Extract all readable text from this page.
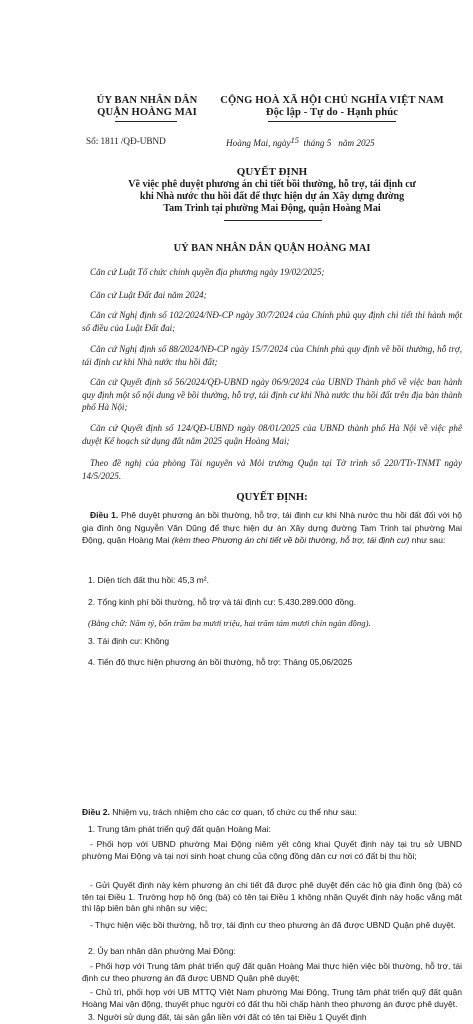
ỦY BAN NHÂN DÂN
QUẬN HOÀNG MAI
CỘNG HOÀ XÃ HỘI CHỦ NGHĨA VIỆT NAM
Độc lập - Tự do - Hạnh phúc
Số: 1811 /QĐ-UBND	Hoàng Mai, ngày15 tháng 5 năm 2025
QUYẾT ĐỊNH
Về việc phê duyệt phương án chi tiết bồi thường, hỗ trợ, tái định cư
khi Nhà nước thu hồi đất để thực hiện dự án Xây dựng đường
Tam Trinh tại phường Mai Động, quận Hoàng Mai
UỶ BAN NHÂN DÂN QUẬN HOÀNG MAI
Căn cứ Luật Tổ chức chính quyền địa phương ngày 19/02/2025;
Căn cứ Luật Đất đai năm 2024;
Căn cứ Nghị định số 102/2024/NĐ-CP ngày 30/7/2024 của Chính phủ quy định chi tiết thi hành một số điều của Luật Đất đai;
Căn cứ Nghị định số 88/2024/NĐ-CP ngày 15/7/2024 của Chính phủ quy định về bồi thường, hỗ trợ, tái định cư khi Nhà nước thu hồi đất;
Căn cứ Quyết định số 56/2024/QĐ-UBND ngày 06/9/2024 của UBND Thành phố về việc ban hành quy định một số nội dung về bồi thường, hỗ trợ, tái định cư khi Nhà nước thu hồi đất trên địa bàn thành phố Hà Nội;
Căn cứ Quyết định số 124/QĐ-UBND ngày 08/01/2025 của UBND thành phố Hà Nội về việc phê duyệt Kế hoạch sử dụng đất năm 2025 quận Hoàng Mai;
Theo đề nghị của phòng Tài nguyên và Môi trường Quận tại Tờ trình số 220/TTr-TNMT ngày 14/5/2025.
QUYẾT ĐỊNH:
Điều 1. Phê duyệt phương án bồi thường, hỗ trợ, tái định cư khi Nhà nước thu hồi đất đối với hộ gia đình ông Nguyễn Văn Dũng để thực hiện dự án Xây dựng đường Tam Trinh tại phường Mai Động, quận Hoàng Mai (kèm theo Phương án chi tiết về bồi thường, hỗ trợ, tái định cư) như sau:
1. Diện tích đất thu hồi: 45,3 m².
2. Tổng kinh phí bồi thường, hỗ trợ và tái định cư: 5.430.289.000 đồng.
(Bằng chữ: Năm tỷ, bốn trăm ba mươi triệu, hai trăm tám mươi chín ngàn đồng).
3. Tái định cư: Không
4. Tiến độ thực hiện phương án bồi thường, hỗ trợ: Tháng 05,06/2025
Điều 2. Nhiệm vụ, trách nhiệm cho các cơ quan, tổ chức cụ thể như sau:
1. Trung tâm phát triển quỹ đất quận Hoàng Mai:
- Phối hợp với UBND phường Mai Động niêm yết công khai Quyết định này tại trụ sở UBND phường Mai Động và tại nơi sinh hoạt chung của cộng đồng dân cư nơi có đất bị thu hồi;
- Gửi Quyết định này kèm phương án chi tiết đã được phê duyệt đến các hộ gia đình ông (bà) có tên tại Điều 1. Trường hợp hộ ông (bà) có tên tại Điều 1 không nhận Quyết định này hoặc vắng mặt thì lập biên bản ghi nhận sự việc;
- Thực hiện việc bồi thường, hỗ trợ, tái định cư theo phương án đã được UBND Quận phê duyệt.
2. Ủy ban nhân dân phường Mai Động:
- Phối hợp với Trung tâm phát triển quỹ đất quận Hoàng Mai thực hiện việc bồi thường, hỗ trợ, tái định cư theo phương án đã được UBND Quận phê duyệt;
- Chủ trì, phối hợp với UB MTTQ Việt Nam phường Mai Động, Trung tâm phát triển quỹ đất quận Hoàng Mai vận động, thuyết phục người có đất thu hồi chấp hành theo phương án được phê duyệt.
3. Người sử dụng đất, tài sản gắn liền với đất có tên tại Điều 1 Quyết định
